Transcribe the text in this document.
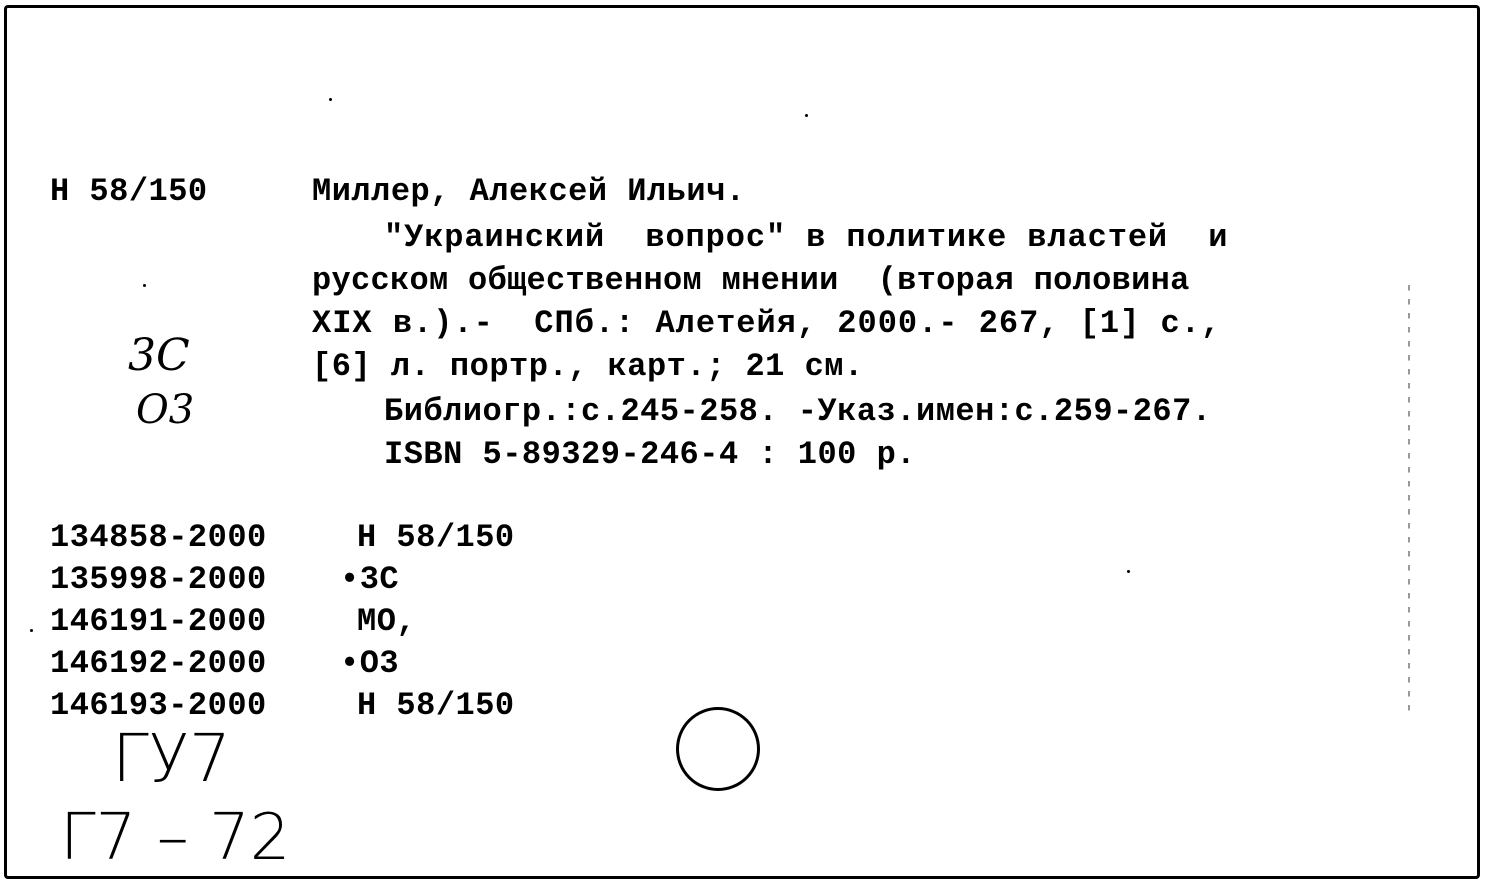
Н 58/150	Миллер, Алексей Ильич.
"Украинский  вопрос" в политике властей  и
русском общественном мнении  (вторая половина
XIX в.).-  СПб.: Алетейя, 2000.- 267, [1] с.,
[6] л. портр., карт.; 21 см.
Библиогр.:с.245-258. -Указ.имен:с.259-267.
ISBN 5-89329-246-4 : 100 р.
3С
О3
134858-2000	Н 58/150
135998-2000 •3С
146191-2000	МО,
146192-2000 •О3
146193-2000	Н 58/150
ГУ7
Г7 – 72
